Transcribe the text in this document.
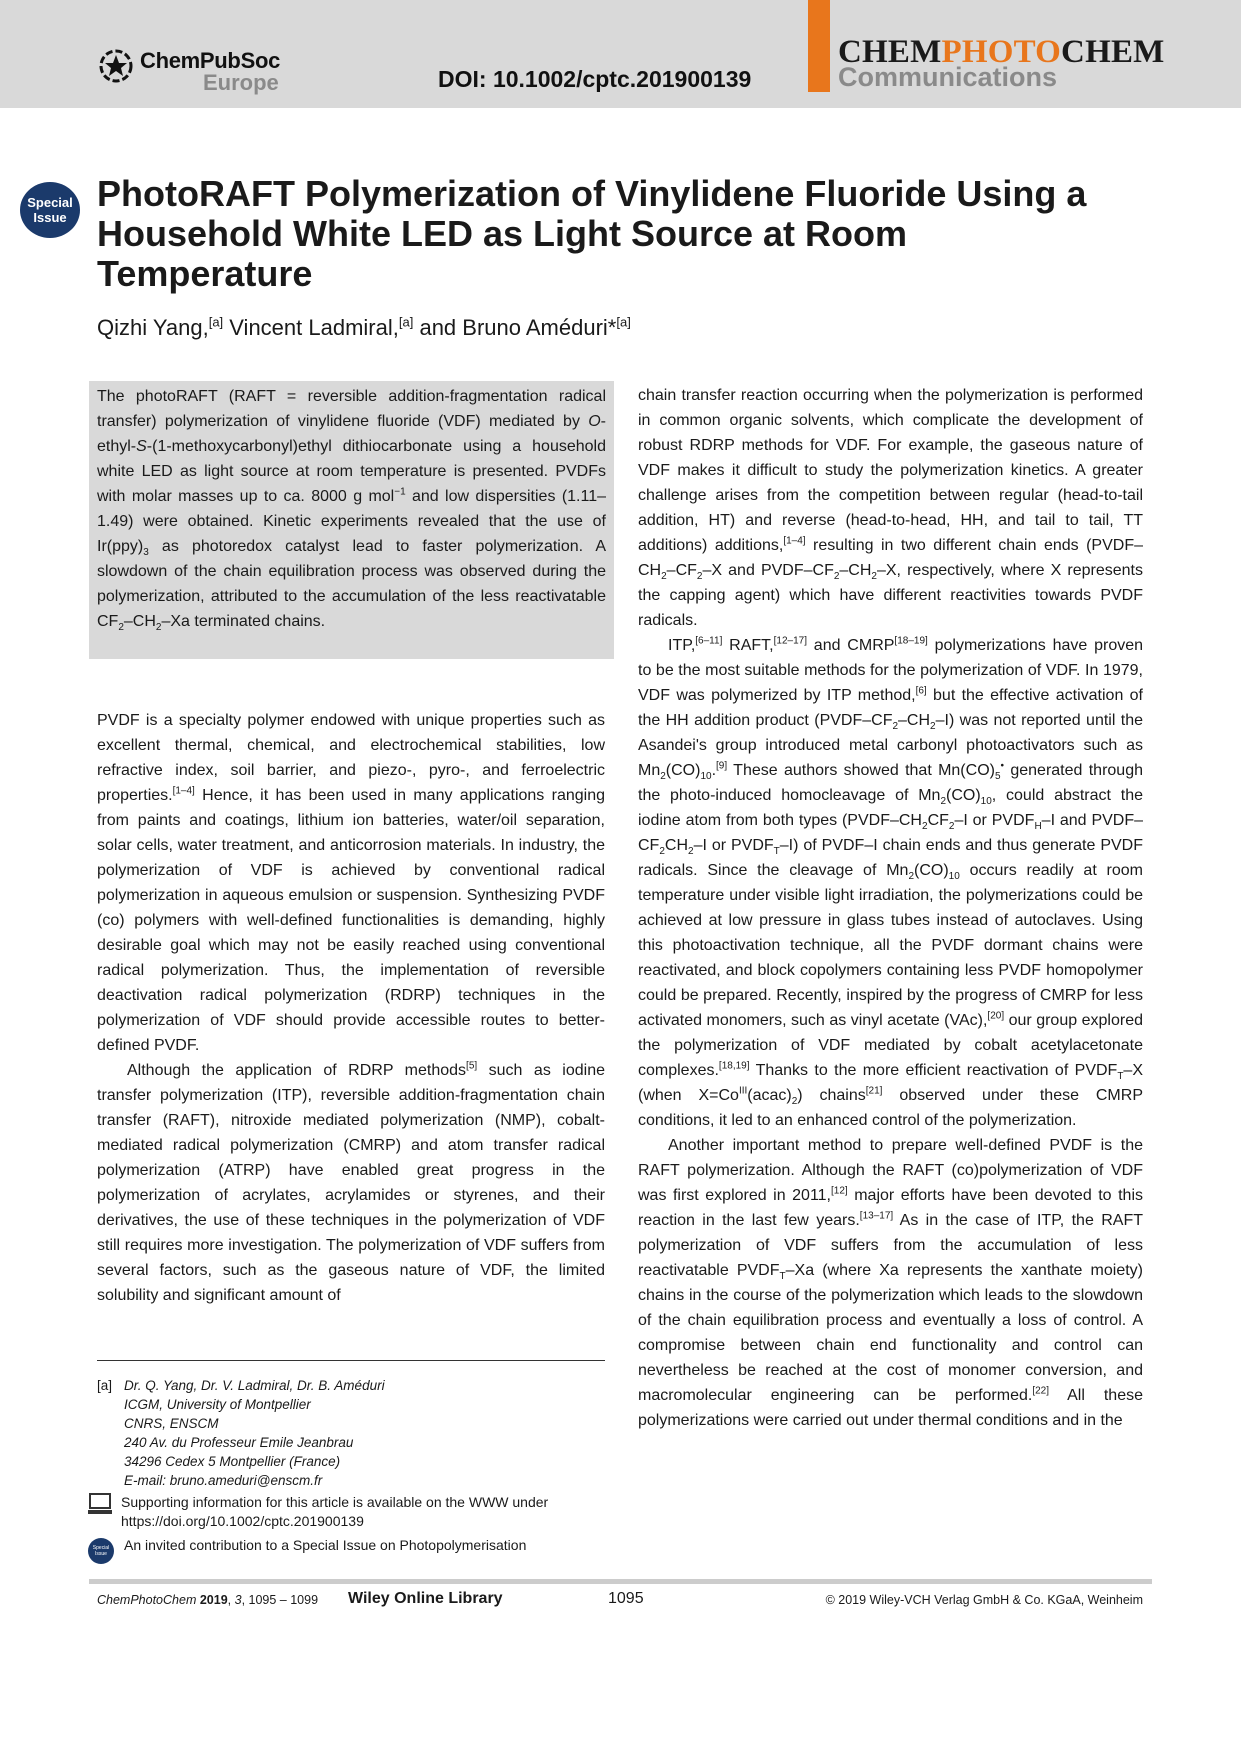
ChemPubSoc
Europe	DOI: 10.1002/cptc.201900139
CHEMPHOTOCHEM
Communications
Special
Issue
PhotoRAFT Polymerization of Vinylidene Fluoride Using a Household White LED as Light Source at Room Temperature
Qizhi Yang,[a] Vincent Ladmiral,[a] and Bruno Améduri*[a]

The photoRAFT (RAFT = reversible addition-fragmentation radical transfer) polymerization of vinylidene fluoride (VDF) mediated by O-ethyl-S-(1-methoxycarbonyl)ethyl dithiocarbonate using a household white LED as light source at room temperature is presented. PVDFs with molar masses up to ca. 8000 g mol$^{-1}$ and low dispersities (1.11–1.49) were obtained. Kinetic experiments revealed that the use of $Ir(ppy)_3$ as photoredox catalyst lead to faster polymerization. A slowdown of the chain equilibration process was observed during the polymerization, attributed to the accumulation of the less reactivatable $CF_2-CH_2-Xa$ terminated chains.

PVDF is a specialty polymer endowed with unique properties such as excellent thermal, chemical, and electrochemical stabilities, low refractive index, soil barrier, and piezo-, pyro-, and ferroelectric properties.[1–4] Hence, it has been used in many applications ranging from paints and coatings, lithium ion batteries, water/oil separation, solar cells, water treatment, and anticorrosion materials. In industry, the polymerization of VDF is achieved by conventional radical polymerization in aqueous emulsion or suspension. Synthesizing PVDF (co) polymers with well-defined functionalities is demanding, highly desirable goal which may not be easily reached using conventional radical polymerization. Thus, the implementation of reversible deactivation radical polymerization (RDRP) techniques in the polymerization of VDF should provide accessible routes to better-defined PVDF.

Although the application of RDRP methods[5] such as iodine transfer polymerization (ITP), reversible addition-fragmentation chain transfer (RAFT), nitroxide mediated polymerization (NMP), cobalt-mediated radical polymerization (CMRP) and atom transfer radical polymerization (ATRP) have enabled great progress in the polymerization of acrylates, acrylamides or styrenes, and their derivatives, the use of these techniques in the polymerization of VDF still requires more investigation. The polymerization of VDF suffers from several factors, such as the gaseous nature of VDF, the limited solubility and significant amount of

chain transfer reaction occurring when the polymerization is performed in common organic solvents, which complicate the development of robust RDRP methods for VDF. For example, the gaseous nature of VDF makes it difficult to study the polymerization kinetics. A greater challenge arises from the competition between regular (head-to-tail addition, HT) and reverse (head-to-head, HH, and tail to tail, TT additions) additions,[1–4] resulting in two different chain ends ($PVDF-CH_2-CF_2-X$ and PVDF–$CF_2-CH_2-X$, respectively, where X represents the capping agent) which have different reactivities towards PVDF radicals.

ITP,[6–11] RAFT,[12–17] and CMRP[18–19] polymerizations have proven to be the most suitable methods for the polymerization of VDF. In 1979, VDF was polymerized by ITP method,[6] but the effective activation of the HH addition product $(PVDF-CF_2-CH_2-I)$ was not reported until the Asandei's group introduced metal carbonyl photoactivators such as $Mn_2(CO)_{10}.[9]$ These authors showed that $Mn(CO)_5^•$ generated through the photo-induced homocleavage of $Mn_2(CO)_{10}$, could abstract the iodine atom from both types ($PVDF-CH_2CF_2-I$ or $PVDF_H-I$ and PVDF–$CF_2CH_2-I$ or $PVDF_T-I$) of PVDF–I chain ends and thus generate PVDF radicals. Since the cleavage of $Mn_2(CO)_{10}$ occurs readily at room temperature under visible light irradiation, the polymerizations could be achieved at low pressure in glass tubes instead of autoclaves. Using this photoactivation technique, all the PVDF dormant chains were reactivated, and block copolymers containing less PVDF homopolymer could be prepared. Recently, inspired by the progress of CMRP for less activated monomers, such as vinyl acetate (VAc),[20] our group explored the polymerization of VDF mediated by cobalt acetylacetonate complexes.[18,19] Thanks to the more efficient reactivation of $PVDF_T-X$ (when $X=Co^{III}(acac)_2$) chains[21] observed under these CMRP conditions, it led to an enhanced control of the polymerization.

Another important method to prepare well-defined PVDF is the RAFT polymerization. Although the RAFT (co)polymerization of VDF was first explored in 2011,[12] major efforts have been devoted to this reaction in the last few years.[13–17] As in the case of ITP, the RAFT polymerization of VDF suffers from the accumulation of less reactivatable $PVDF_T-Xa$ (where Xa represents the xanthate moiety) chains in the course of the polymerization which leads to the slowdown of the chain equilibration process and eventually a loss of control. A compromise between chain end functionality and control can nevertheless be reached at the cost of monomer conversion, and macromolecular engineering can be performed.[22] All these polymerizations were carried out under thermal conditions and in the

[a] Dr. Q. Yang, Dr. V. Ladmiral, Dr. B. Améduri
ICGM, University of Montpellier
CNRS, ENSCM
240 Av. du Professeur Emile Jeanbrau
34296 Cedex 5 Montpellier (France)
E-mail: bruno.ameduri@enscm.fr
Supporting information for this article is available on the WWW under https://doi.org/10.1002/cptc.201900139
Special
Issue
An invited contribution to a Special Issue on Photopolymerisation
ChemPhotoChem 2019, 3, 1095 – 1099 Wiley Online Library	1095	© 2019 Wiley-VCH Verlag GmbH & Co. KGaA, Weinheim
